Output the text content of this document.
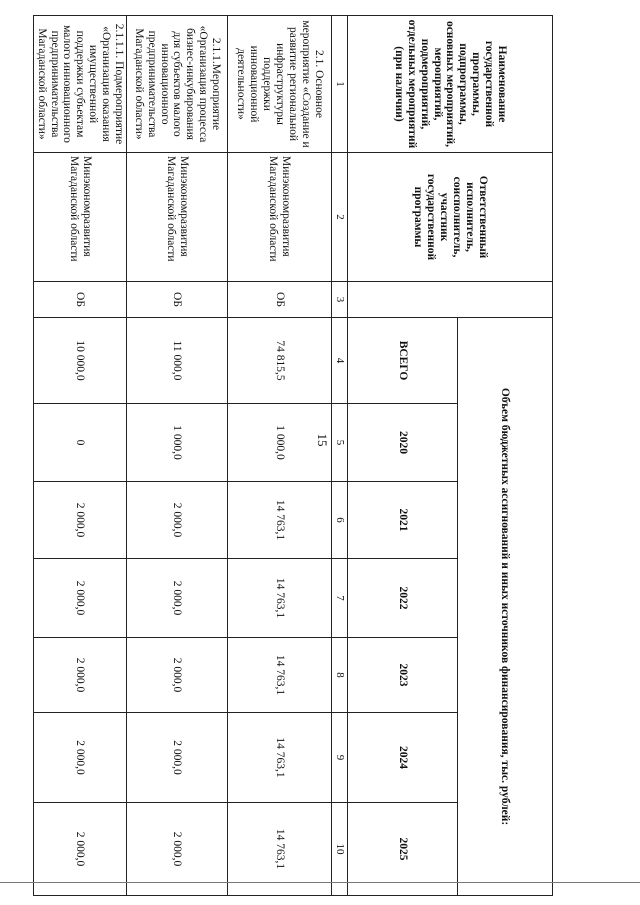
15
Наименование государственной программы, подпрограммы, основных мероприятий, мероприятий, подмероприятий, отдельных мероприятий (при наличии)	Ответственный исполнитель, соисполнитель, участник государственной программы		Объем бюджетных ассигнований и иных источников финансирования, тыс. рублей:						
			ВСЕГО	2020	2021	2022	2023	2024	2025
1	2	3	4	5	6	7	8	9	10
2.1. Основное мероприятие «Создание и развитие региональной инфраструктуры поддержки инновационной деятельности»	Минэкономразвития Магаданской области	ОБ	74 815,5	1 000,0	14 763,1	14 763,1	14 763,1	14 763,1	14 763,1
2.1.1.Мероприятие «Организация процесса бизнес-инкубирования для субъектов малого инновационного предпринимательства Магаданской области»	Минэкономразвития Магаданской области	ОБ	11 000,0	1 000,0	2 000,0	2 000,0	2 000,0	2 000,0	2 000,0
2.1.1.1. Подмероприятие «Организация оказания имущественной поддержки субъектам малого инновационного предпринимательства Магаданской области»	Минэкономразвития Магаданской области	ОБ	10 000,0	0	2 000,0	2 000,0	2 000,0	2 000,0	2 000,0
